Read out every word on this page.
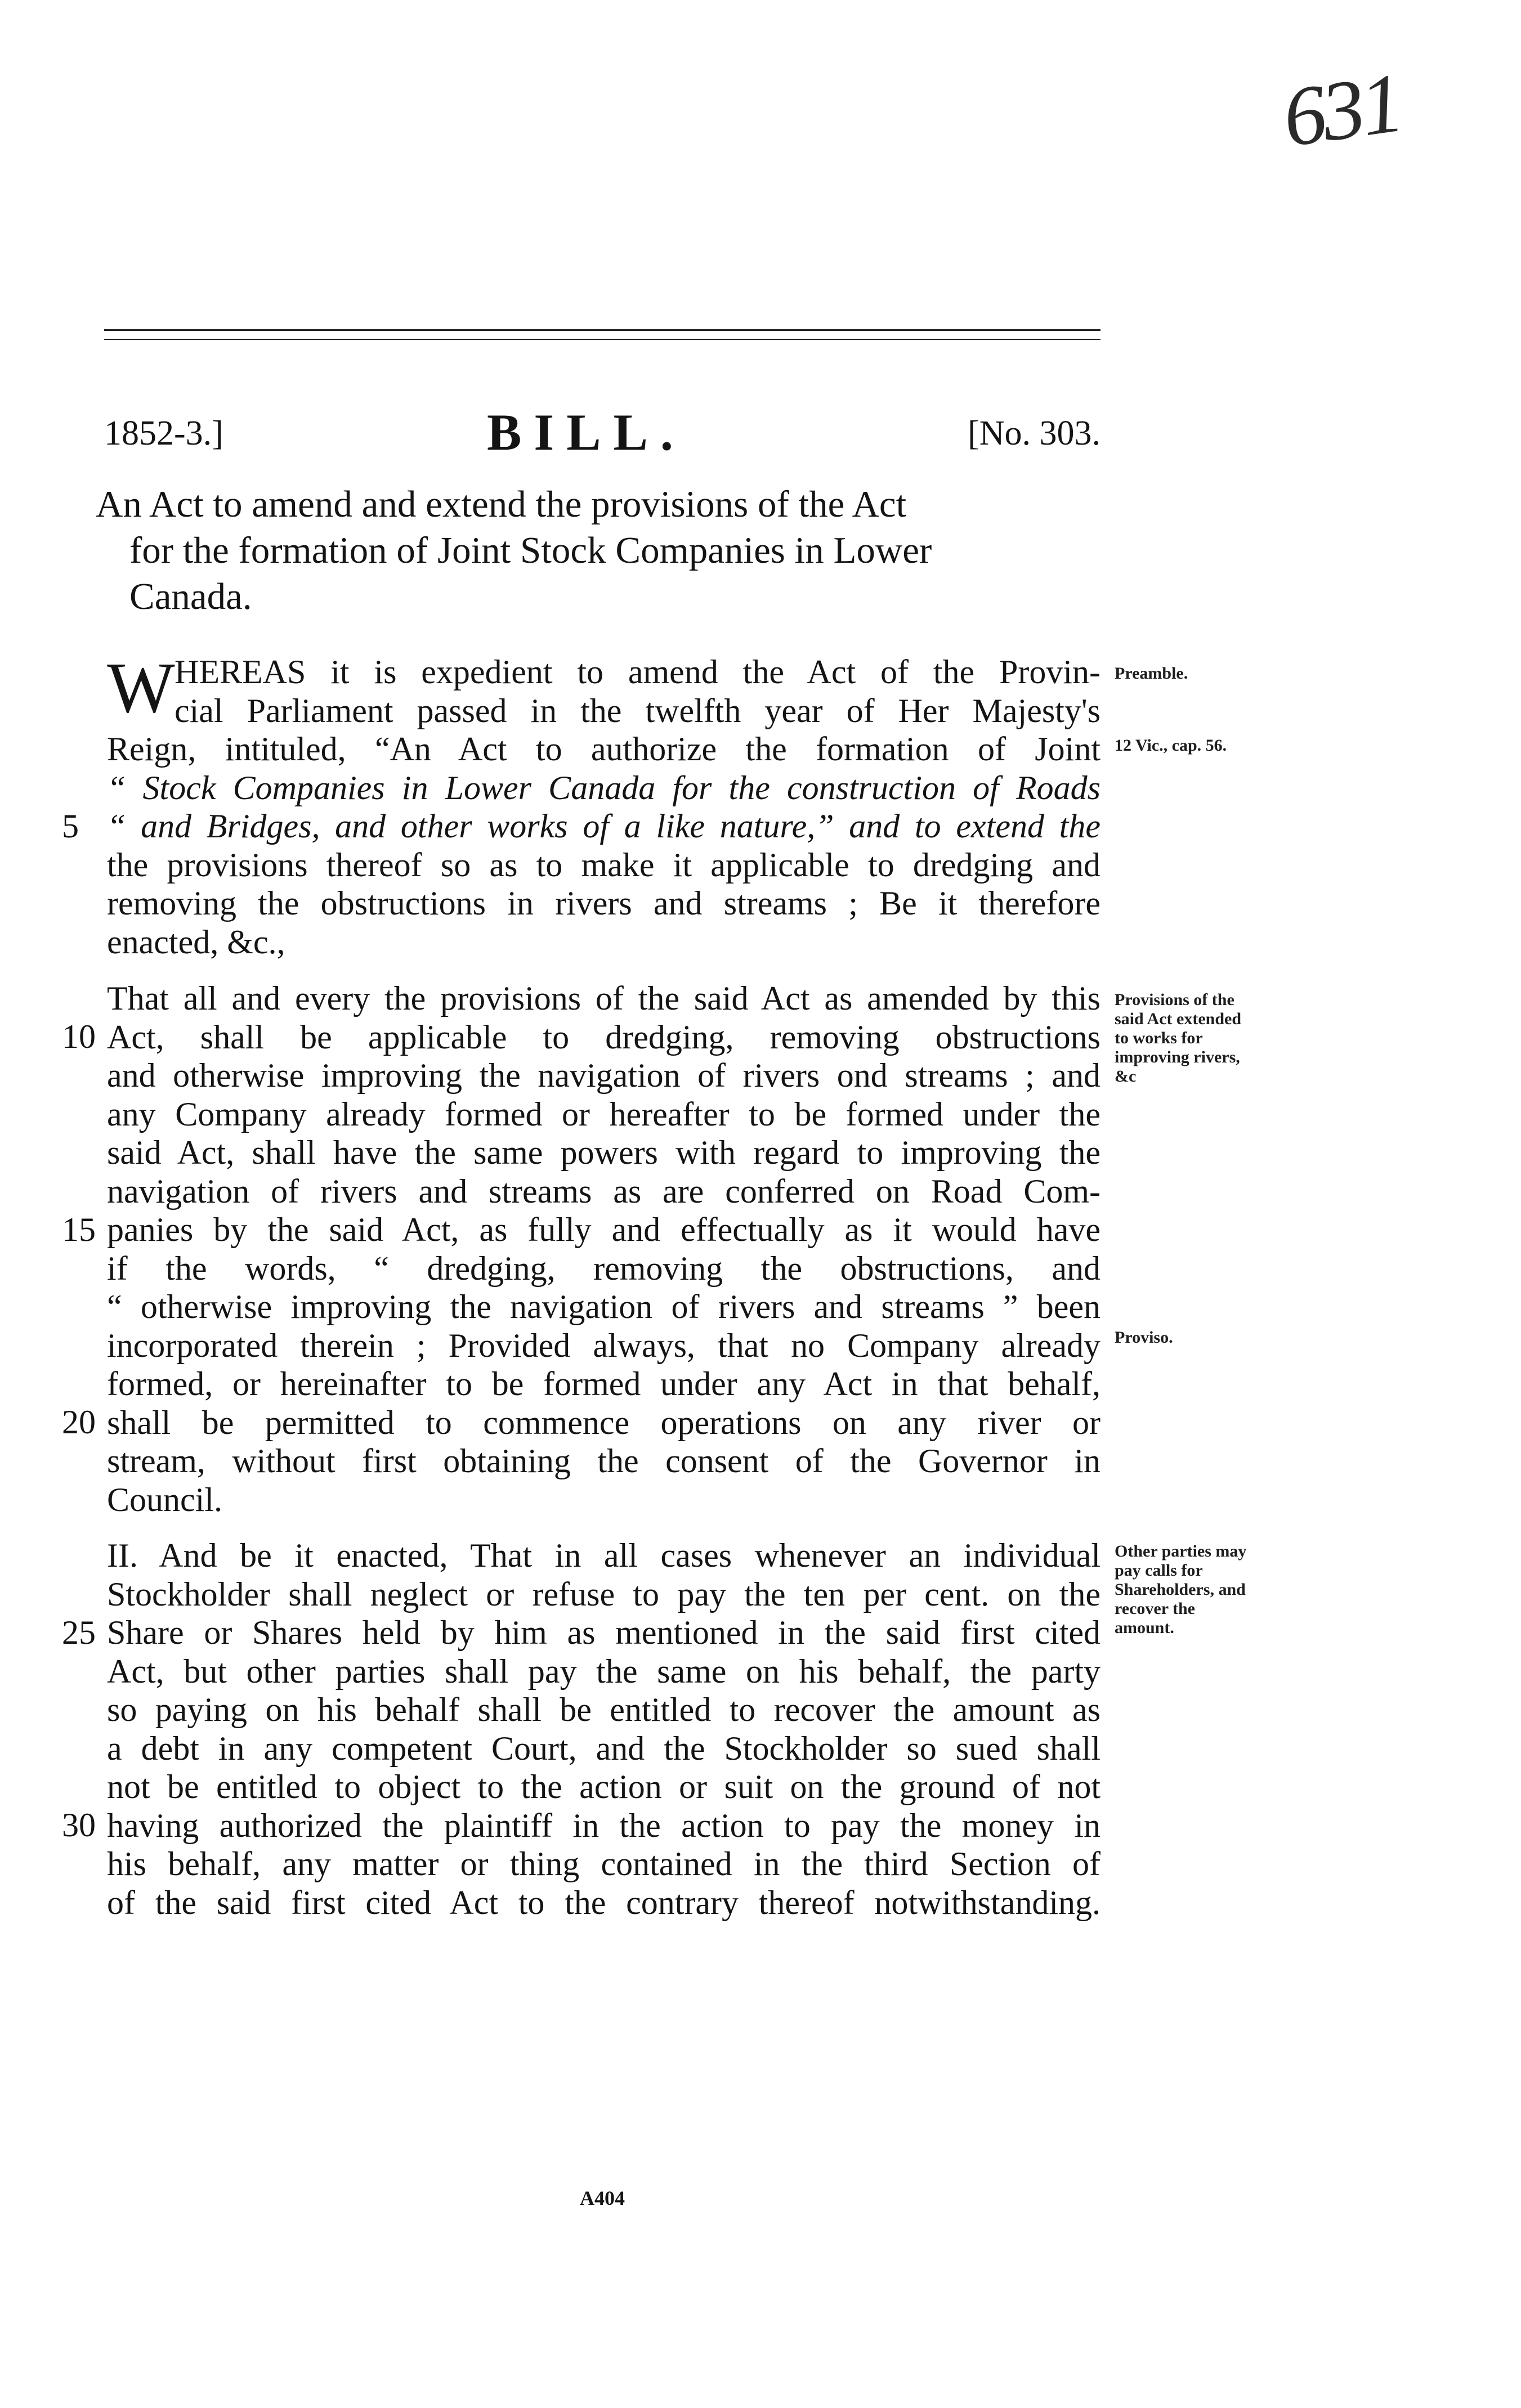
631
1852-3.]	BILL.	[No. 303.
An Act to amend and extend the provisions of the Act
for the formation of Joint Stock Companies in Lower
Canada.
W HEREAS it is expedient to amend the Act of the Provin-
cial Parliament passed in the twelfth year of Her Majesty's
Reign, intituled, “An Act to authorize the formation of Joint
“ Stock Companies in Lower Canada for the construction of Roads
“ and Bridges, and other works of a like nature,” and to extend the
the provisions thereof so as to make it applicable to dredging and
removing the obstructions in rivers and streams ; Be it therefore
enacted, &c.,
That all and every the provisions of the said Act as amended by this
Act, shall be applicable to dredging, removing obstructions
and otherwise improving the navigation of rivers ond streams ; and
any Company already formed or hereafter to be formed under the
said Act, shall have the same powers with regard to improving the
navigation of rivers and streams as are conferred on Road Com-
panies by the said Act, as fully and effectually as it would have
if the words, “ dredging, removing the obstructions, and
“ otherwise improving the navigation of rivers and streams ” been
incorporated therein ; Provided always, that no Company already
formed, or hereinafter to be formed under any Act in that behalf,
shall be permitted to commence operations on any river or
stream, without first obtaining the consent of the Governor in
Council.
II. And be it enacted, That in all cases whenever an individual
Stockholder shall neglect or refuse to pay the ten per cent. on the
Share or Shares held by him as mentioned in the said first cited
Act, but other parties shall pay the same on his behalf, the party
so paying on his behalf shall be entitled to recover the amount as
a debt in any competent Court, and the Stockholder so sued shall
not be entitled to object to the action or suit on the ground of not
having authorized the plaintiff in the action to pay the money in
his behalf, any matter or thing contained in the third Section of
of the said first cited Act to the contrary thereof notwithstanding.
5
10
15
20
25
30
Preamble.
12 Vic., cap. 56.
Provisions of the said Act extended to works for improving rivers, &c
Proviso.
Other parties may pay calls for Shareholders, and recover the amount.
A404
